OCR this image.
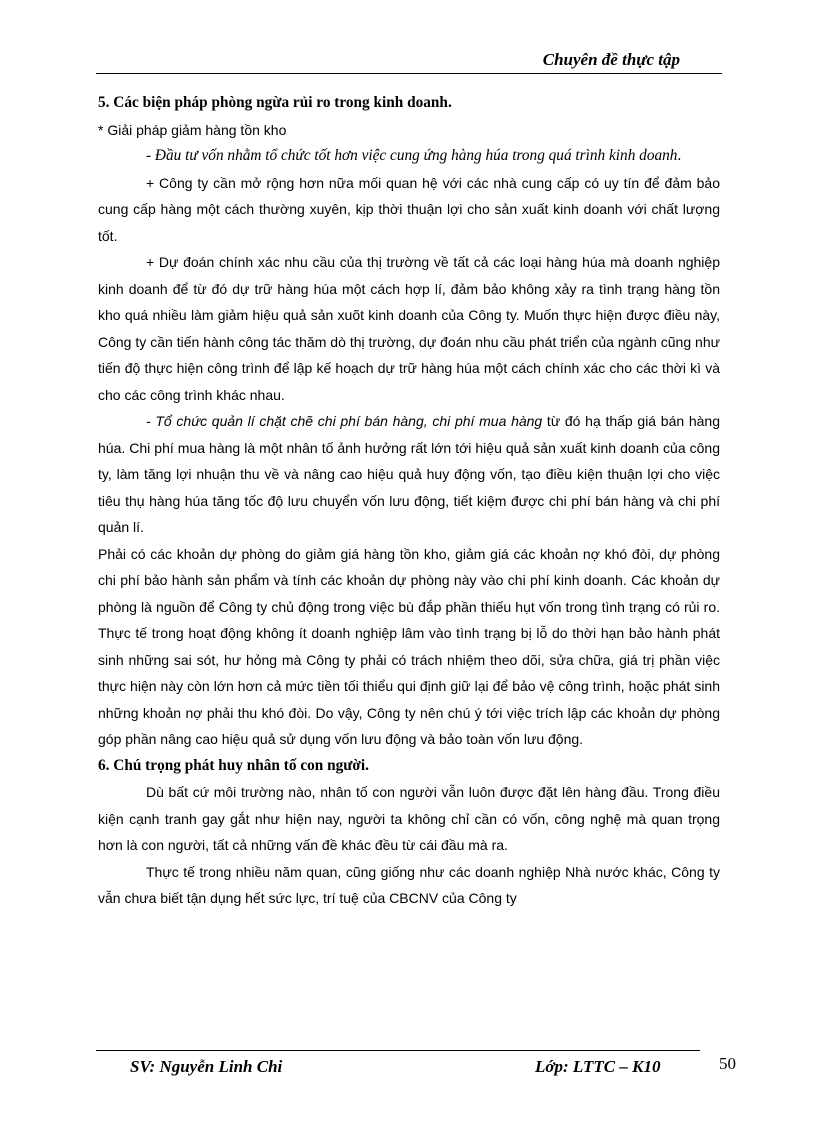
Chuyên đề thực tập

5. Các biện pháp phòng ngừa rủi ro trong kinh doanh.

* Giải pháp giảm hàng tồn kho

- Đầu tư vốn nhằm tổ chức tốt hơn việc cung ứng hàng húa trong quá trình kinh doanh.

+ Công ty cần mở rộng hơn nữa mối quan hệ với các nhà cung cấp có uy tín để đảm bảo cung cấp hàng một cách thường xuyên, kịp thời thuận lợi cho sản xuất kinh doanh với chất lượng tốt.

+ Dự đoán chính xác nhu cầu của thị trường về tất cả các loại hàng húa mà doanh nghiệp kinh doanh để từ đó dự trữ hàng húa một cách hợp lí, đảm bảo không xảy ra tình trạng hàng tồn kho quá nhiều làm giảm hiệu quả sản xuõt kinh doanh của Công ty. Muốn thực hiện được điều này, Công ty cần tiến hành công tác thăm dò thị trường, dự đoán nhu cầu phát triển của ngành cũng như tiến độ thực hiện công trình để lập kế hoạch dự trữ hàng húa một cách chính xác cho các thời kì và cho các công trình khác nhau.

- Tổ chức quản lí chặt chẽ chi phí bán hàng, chi phí mua hàng từ đó hạ thấp giá bán hàng húa. Chi phí mua hàng là một nhân tố ảnh hưởng rất lớn tới hiệu quả sản xuất kinh doanh của công ty, làm tăng lợi nhuận thu về và nâng cao hiệu quả huy động vốn, tạo điều kiện thuận lợi cho việc tiêu thụ hàng húa tăng tốc độ lưu chuyển vốn lưu động, tiết kiệm được chi phí bán hàng và chi phí quản lí.

Phải có các khoản dự phòng do giảm giá hàng tồn kho, giảm giá các khoản nợ khó đòi, dự phòng chi phí bảo hành sản phẩm và tính các khoản dự phòng này vào chi phí kinh doanh. Các khoản dự phòng là nguồn để Công ty chủ động trong việc bù đắp phần thiếu hụt vốn trong tình trạng có rủi ro. Thực tế trong hoạt động không ít doanh nghiệp lâm vào tình trạng bị lỗ do thời hạn bảo hành phát sinh những sai sót, hư hỏng mà Công ty phải có trách nhiệm theo dõi, sửa chữa, giá trị phần việc thực hiện này còn lớn hơn cả mức tiền tối thiểu qui định giữ lại để bảo vệ công trình, hoặc phát sinh những khoản nợ phải thu khó đòi. Do vậy, Công ty nên chú ý tới việc trích lập các khoản dự phòng góp phần nâng cao hiệu quả sử dụng vốn lưu động và bảo toàn vốn lưu động.

6. Chú trọng phát huy nhân tố con người.

Dù bất cứ môi trường nào, nhân tố con người vẫn luôn được đặt lên hàng đầu. Trong điều kiện cạnh tranh gay gắt như hiện nay, người ta không chỉ cần có vốn, công nghệ mà quan trọng hơn là con người, tất cả những vấn đề khác đều từ cái đầu mà ra.

Thực tế trong nhiều năm quan, cũng giống như các doanh nghiệp Nhà nước khác, Công ty vẫn chưa biết tận dụng hết sức lực, trí tuệ của CBCNV của Công ty

SV: Nguyễn Linh Chi	Lớp: LTTC – K10	50
